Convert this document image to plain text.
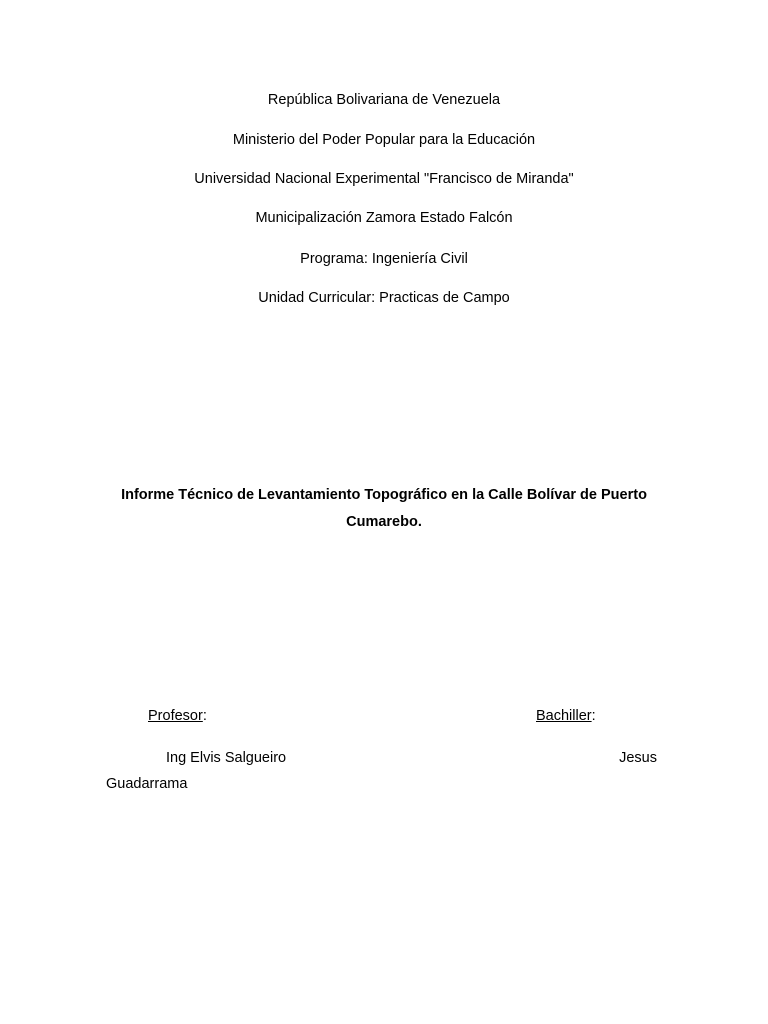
República Bolivariana de Venezuela
Ministerio del Poder Popular para la Educación
Universidad Nacional Experimental "Francisco de Miranda"
Municipalización Zamora Estado Falcón
Programa: Ingeniería Civil
Unidad Curricular: Practicas de Campo
Informe Técnico de Levantamiento Topográfico en la Calle Bolívar de Puerto
Cumarebo.
Profesor:	Bachiller:
Ing Elvis Salgueiro	Jesus
Guadarrama
